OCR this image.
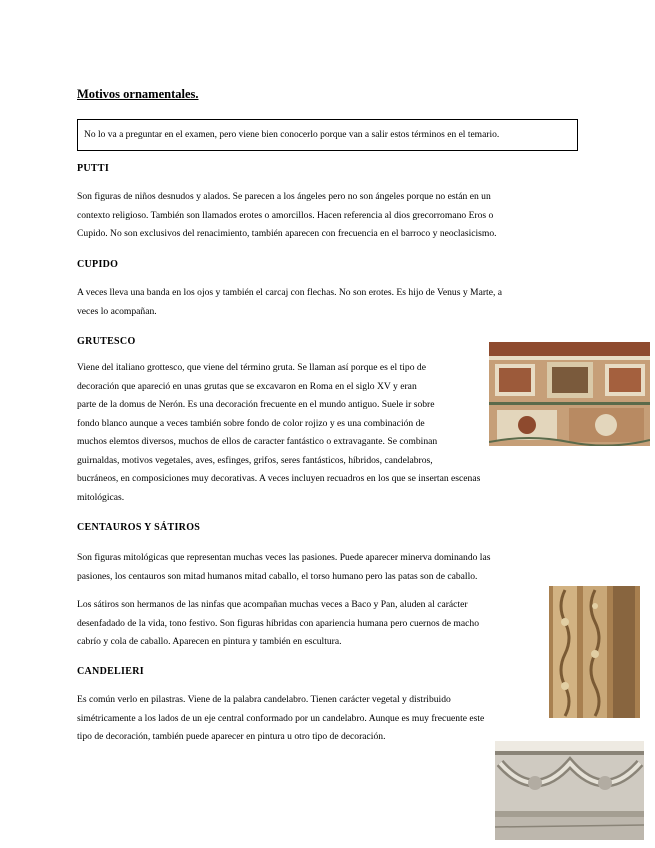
Motivos ornamentales.
No lo va a preguntar en el examen, pero viene bien conocerlo porque van a salir estos términos en el temario.
PUTTI
Son figuras de niños desnudos y alados. Se parecen a los ángeles pero no son ángeles porque no están en un
contexto religioso. También son llamados erotes o amorcillos. Hacen referencia al dios grecorromano Eros o
Cupido. No son exclusivos del renacimiento, también aparecen con frecuencia en el barroco y neoclasicismo.
CUPIDO
A veces lleva una banda en los ojos y también el carcaj con flechas. No son erotes. Es hijo de Venus y Marte, a
veces lo acompañan.
GRUTESCO
Viene del italiano grottesco, que viene del término gruta. Se llaman así porque es el tipo de
decoración que apareció en unas grutas que se excavaron en Roma en el siglo XV y eran
parte de la domus de Nerón. Es una decoración frecuente en el mundo antiguo. Suele ir sobre
fondo blanco aunque a veces también sobre fondo de color rojizo y es una combinación de
muchos elemtos diversos, muchos de ellos de caracter fantástico o extravagante. Se combinan
guirnaldas, motivos vegetales, aves, esfinges, grifos, seres fantásticos, híbridos, candelabros,
bucráneos, en composiciones muy decorativas. A veces incluyen recuadros en los que se insertan escenas
mitológicas.
CENTAUROS Y SÁTIROS
Son figuras mitológicas que representan muchas veces las pasiones. Puede aparecer minerva dominando las
pasiones, los centauros son mitad humanos mitad caballo, el torso humano pero las patas son de caballo.
Los sátiros son hermanos de las ninfas que acompañan muchas veces a Baco y Pan, aluden al carácter
desenfadado de la vida, tono festivo. Son figuras híbridas con apariencia humana pero cuernos de macho
cabrío y cola de caballo. Aparecen en pintura y también en escultura.
CANDELIERI
Es común verlo en pilastras. Viene de la palabra candelabro. Tienen carácter vegetal y distribuido
simétricamente a los lados de un eje central conformado por un candelabro. Aunque es muy frecuente este
tipo de decoración, también puede aparecer en pintura u otro tipo de decoración.
